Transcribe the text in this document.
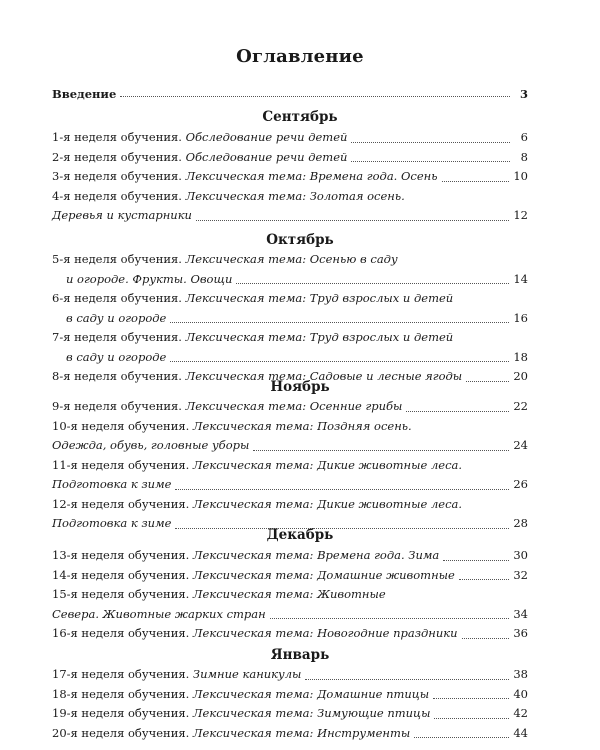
Оглавление
Введение	3
Сентябрь
1-я неделя обучения. Обследование речи детей	6
2-я неделя обучения. Обследование речи детей	8
3-я неделя обучения. Лексическая тема: Времена года. Осень	10
4-я неделя обучения. Лексическая тема: Золотая осень.
Деревья и кустарники	12
Октябрь
5-я неделя обучения. Лексическая тема: Осенью в саду
и огороде. Фрукты. Овощи	14
6-я неделя обучения. Лексическая тема: Труд взрослых и детей
в саду и огороде	16
7-я неделя обучения. Лексическая тема: Труд взрослых и детей
в саду и огороде	18
8-я неделя обучения. Лексическая тема: Садовые и лесные ягоды	20
Ноябрь
9-я неделя обучения. Лексическая тема: Осенние грибы	22
10-я неделя обучения. Лексическая тема: Поздняя осень.
Одежда, обувь, головные уборы	24
11-я неделя обучения. Лексическая тема: Дикие животные леса.
Подготовка к зиме	26
12-я неделя обучения. Лексическая тема: Дикие животные леса.
Подготовка к зиме	28
Декабрь
13-я неделя обучения. Лексическая тема: Времена года. Зима	30
14-я неделя обучения. Лексическая тема: Домашние животные	32
15-я неделя обучения. Лексическая тема: Животные
Севера. Животные жарких стран	34
16-я неделя обучения. Лексическая тема: Новогодние праздники	36
Январь
17-я неделя обучения. Зимние каникулы	38
18-я неделя обучения. Лексическая тема: Домашние птицы	40
19-я неделя обучения. Лексическая тема: Зимующие птицы	42
20-я неделя обучения. Лексическая тема: Инструменты	44
